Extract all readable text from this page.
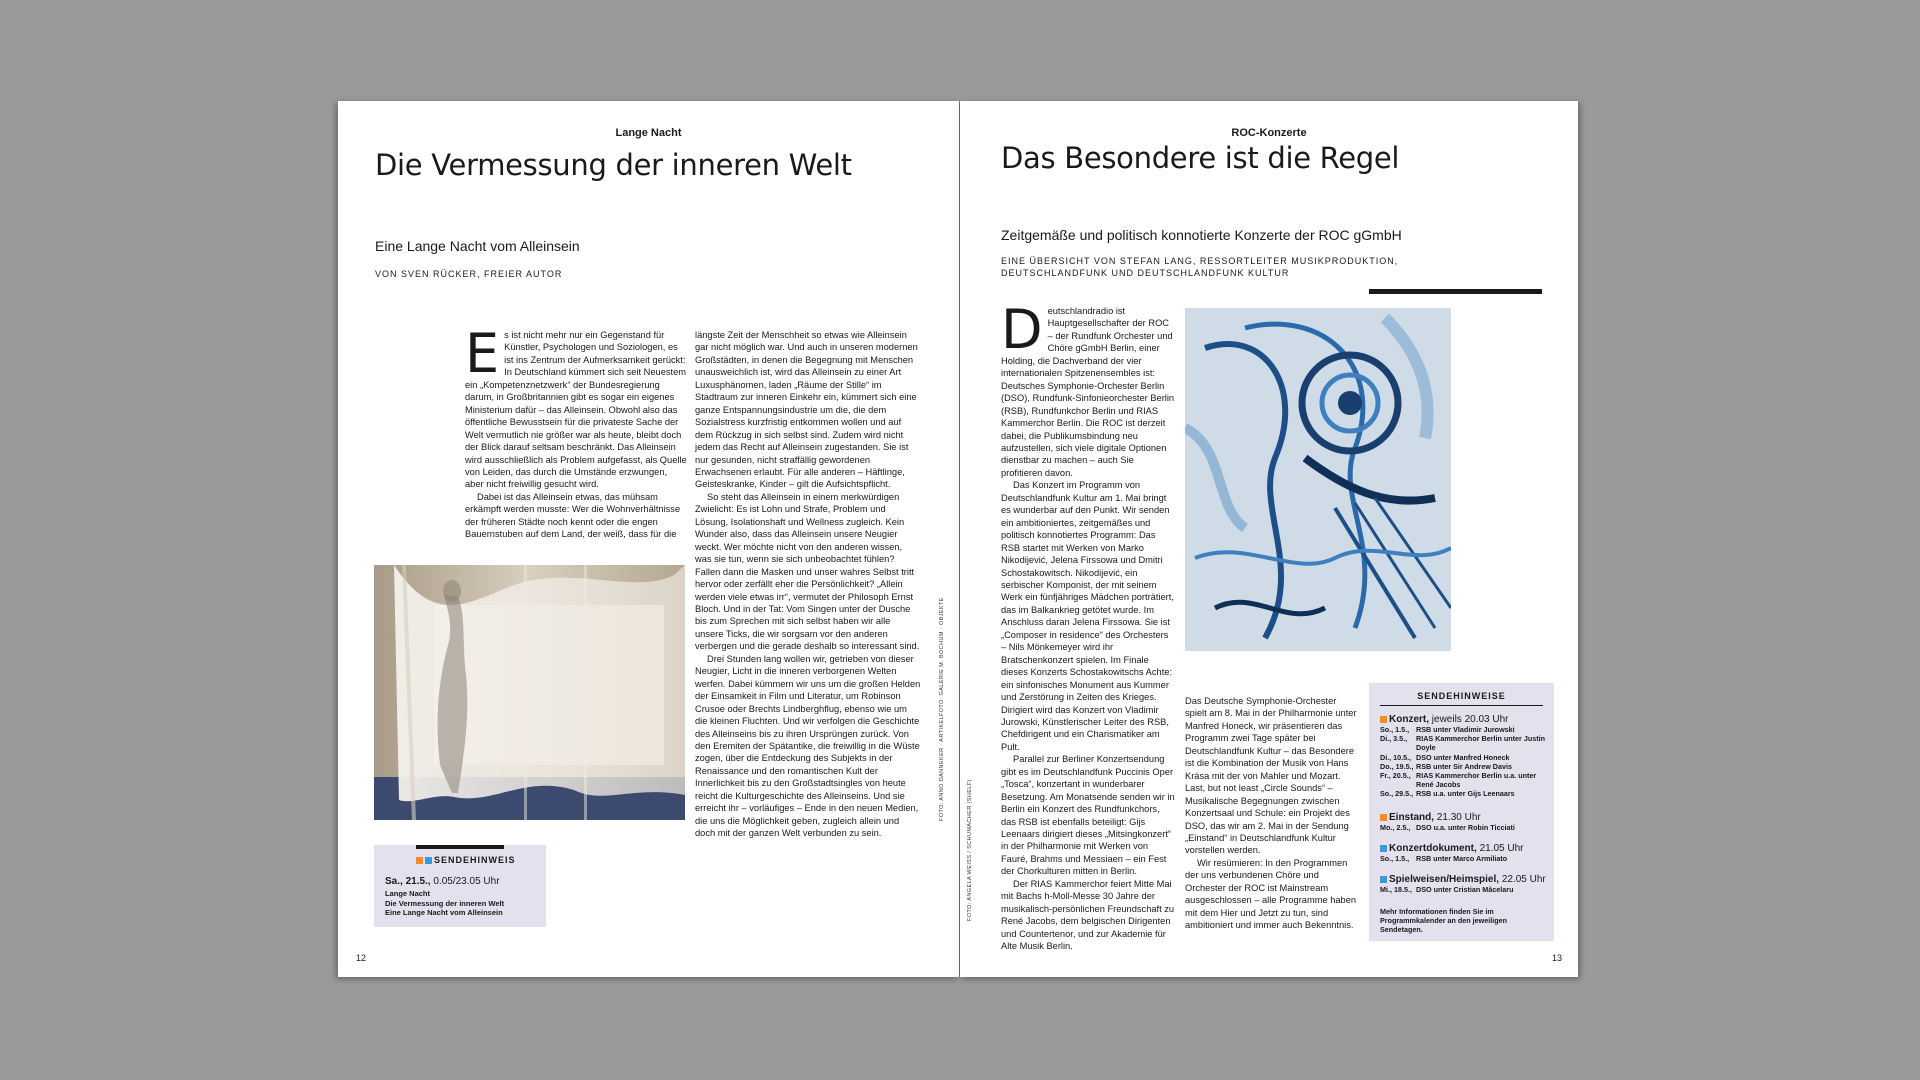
Lange Nacht
Die Vermessung der inneren Welt
Eine Lange Nacht vom Alleinsein
VON SVEN RÜCKER, FREIER AUTOR

Es ist nicht mehr nur ein Gegenstand für Künstler, Psychologen und Soziologen, es ist ins Zentrum der Aufmerksamkeit gerückt: In Deutschland kümmert sich seit Neuestem ein „Kompetenznetzwerk“ der Bundesregierung darum, in Großbritannien gibt es sogar ein eigenes Ministerium dafür – das Alleinsein. Obwohl also das öffentliche Bewusstsein für die privateste Sache der Welt vermutlich nie größer war als heute, bleibt doch der Blick darauf seltsam beschränkt. Das Alleinsein wird ausschließlich als Problem aufgefasst, als Quelle von Leiden, das durch die Umstände erzwungen, aber nicht freiwillig gesucht wird.

Dabei ist das Alleinsein etwas, das mühsam erkämpft werden musste: Wer die Wohnverhältnisse der früheren Städte noch kennt oder die engen Bauernstuben auf dem Land, der weiß, dass für die

längste Zeit der Menschheit so etwas wie Alleinsein gar nicht möglich war. Und auch in unseren modernen Großstädten, in denen die Begegnung mit Menschen unausweichlich ist, wird das Alleinsein zu einer Art Luxusphänomen, laden „Räume der Stille“ im Stadtraum zur inneren Einkehr ein, kümmert sich eine ganze Entspannungsindustrie um die, die dem Sozialstress kurzfristig entkommen wollen und auf dem Rückzug in sich selbst sind. Zudem wird nicht jedem das Recht auf Alleinsein zugestanden. Sie ist nur gesunden, nicht straffällig gewordenen Erwachsenen erlaubt. Für alle anderen – Häftlinge, Geisteskranke, Kinder – gilt die Aufsichtspflicht.

So steht das Alleinsein in einem merkwürdigen Zwielicht: Es ist Lohn und Strafe, Problem und Lösung, Isolationshaft und Wellness zugleich. Kein Wunder also, dass das Alleinsein unsere Neugier weckt. Wer möchte nicht von den anderen wissen, was sie tun, wenn sie sich unbeobachtet fühlen? Fallen dann die Masken und unser wahres Selbst tritt hervor oder zerfällt eher die Persönlichkeit? „Allein werden viele etwas irr“, vermutet der Philosoph Ernst Bloch. Und in der Tat: Vom Singen unter der Dusche bis zum Sprechen mit sich selbst haben wir alle unsere Ticks, die wir sorgsam vor den anderen verbergen und die gerade deshalb so interessant sind.

Drei Stunden lang wollen wir, getrieben von dieser Neugier, Licht in die inneren verborgenen Welten werfen. Dabei kümmern wir uns um die großen Helden der Einsamkeit in Film und Literatur, um Robinson Crusoe oder Brechts Lindberghflug, ebenso wie um die kleinen Fluchten. Und wir verfolgen die Geschichte des Alleinseins bis zu ihren Ursprüngen zurück. Von den Eremiten der Spätantike, die freiwillig in die Wüste zogen, über die Entdeckung des Subjekts in der Renaissance und den romantischen Kult der Innerlichkeit bis zu den Großstadtsingles von heute reicht die Kulturgeschichte des Alleinseins. Und sie erreicht ihr – vorläufiges – Ende in den neuen Medien, die uns die Möglichkeit geben, zugleich allein und doch mit der ganzen Welt verbunden zu sein.

FOTO: ANNO DANNEKER · ARTIKELFOTO: GALERIE M. BOCHUM · OBJEKTE
SENDEHINWEIS
Sa., 21.5., 0.05/23.05 Uhr
Lange Nacht
Die Vermessung der inneren Welt
Eine Lange Nacht vom Alleinsein
12
ROC-Konzerte
Das Besondere ist die Regel
Zeitgemäße und politisch konnotierte Konzerte der ROC gGmbH
EINE ÜBERSICHT VON STEFAN LANG, RESSORTLEITER MUSIKPRODUKTION,
DEUTSCHLANDFUNK UND DEUTSCHLANDFUNK KULTUR

Deutschlandradio ist Hauptgesellschafter der ROC – der Rundfunk Orchester und Chöre gGmbH Berlin, einer Holding, die Dachverband der vier internationalen Spitzenensembles ist: Deutsches Symphonie-Orchester Berlin (DSO), Rundfunk-Sinfonieorchester Berlin (RSB), Rundfunkchor Berlin und RIAS Kammerchor Berlin. Die ROC ist derzeit dabei, die Publikumsbindung neu aufzustellen, sich viele digitale Optionen dienstbar zu machen – auch Sie profitieren davon.

Das Konzert im Programm von Deutschlandfunk Kultur am 1. Mai bringt es wunderbar auf den Punkt. Wir senden ein ambitioniertes, zeitgemäßes und politisch konnotiertes Programm: Das RSB startet mit Werken von Marko Nikodijević, Jelena Firssowa und Dmitri Schostakowitsch. Nikodijević, ein serbischer Komponist, der mit seinem Werk ein fünfjähriges Mädchen porträtiert, das im Balkankrieg getötet wurde. Im Anschluss daran Jelena Firssowa. Sie ist „Composer in residence“ des Orchesters – Nils Mönkemeyer wird ihr Bratschenkonzert spielen. Im Finale dieses Konzerts Schostakowitschs Achte: ein sinfonisches Monument aus Kummer und Zerstörung in Zeiten des Krieges. Dirigiert wird das Konzert von Vladimir Jurowski, Künstlerischer Leiter des RSB, Chefdirigent und ein Charismatiker am Pult.

Parallel zur Berliner Konzertsendung gibt es im Deutschlandfunk Puccinis Oper „Tosca“, konzertant in wunderbarer Besetzung. Am Monatsende senden wir in Berlin ein Konzert des Rundfunkchors, das RSB ist ebenfalls beteiligt: Gijs Leenaars dirigiert dieses „Mitsingkonzert“ in der Philharmonie mit Werken von Fauré, Brahms und Messiaen – ein Fest der Chorkulturen mitten in Berlin.

Der RIAS Kammerchor feiert Mitte Mai mit Bachs h-Moll-Messe 30 Jahre der musikalisch-persönlichen Freundschaft zu René Jacobs, dem belgischen Dirigenten und Countertenor, und zur Akademie für Alte Musik Berlin.

Das Deutsche Symphonie-Orchester spielt am 8. Mai in der Philharmonie unter Manfred Honeck, wir präsentieren das Programm zwei Tage später bei Deutschlandfunk Kultur – das Besondere ist die Kombination der Musik von Hans Krása mit der von Mahler und Mozart. Last, but not least „Circle Sounds“ – Musikalische Begegnungen zwischen Konzertsaal und Schule: ein Projekt des DSO, das wir am 2. Mai in der Sendung „Einstand“ in Deutschlandfunk Kultur vorstellen werden.

Wir resümieren: In den Programmen der uns verbundenen Chöre und Orchester der ROC ist Mainstream ausgeschlossen – alle Programme haben mit dem Hier und Jetzt zu tun, sind ambitioniert und immer auch Bekenntnis.

FOTO: ANGELA WEISS / SCHUMACHER (SHELF)
SENDEHINWEISE
Konzert, jeweils 20.03 Uhr
So., 1.5., RSB unter Vladimir Jurowski
Di., 3.5.,	RIAS Kammerchor Berlin unter Justin Doyle
Di., 10.5., DSO unter Manfred Honeck
Do., 19.5., RSB unter Sir Andrew Davis
Fr., 20.5., RIAS Kammerchor Berlin u.a. unter René Jacobs
So., 29.5., RSB u.a. unter Gijs Leenaars
Einstand, 21.30 Uhr
Mo., 2.5., DSO u.a. unter Robin Ticciati
Konzertdokument, 21.05 Uhr
So., 1.5., RSB unter Marco Armiliato
Spielweisen/Heimspiel, 22.05 Uhr
Mi., 18.5., DSO unter Cristian Măcelaru
Mehr Informationen finden Sie im Programmkalender an den jeweiligen Sendetagen.
13
